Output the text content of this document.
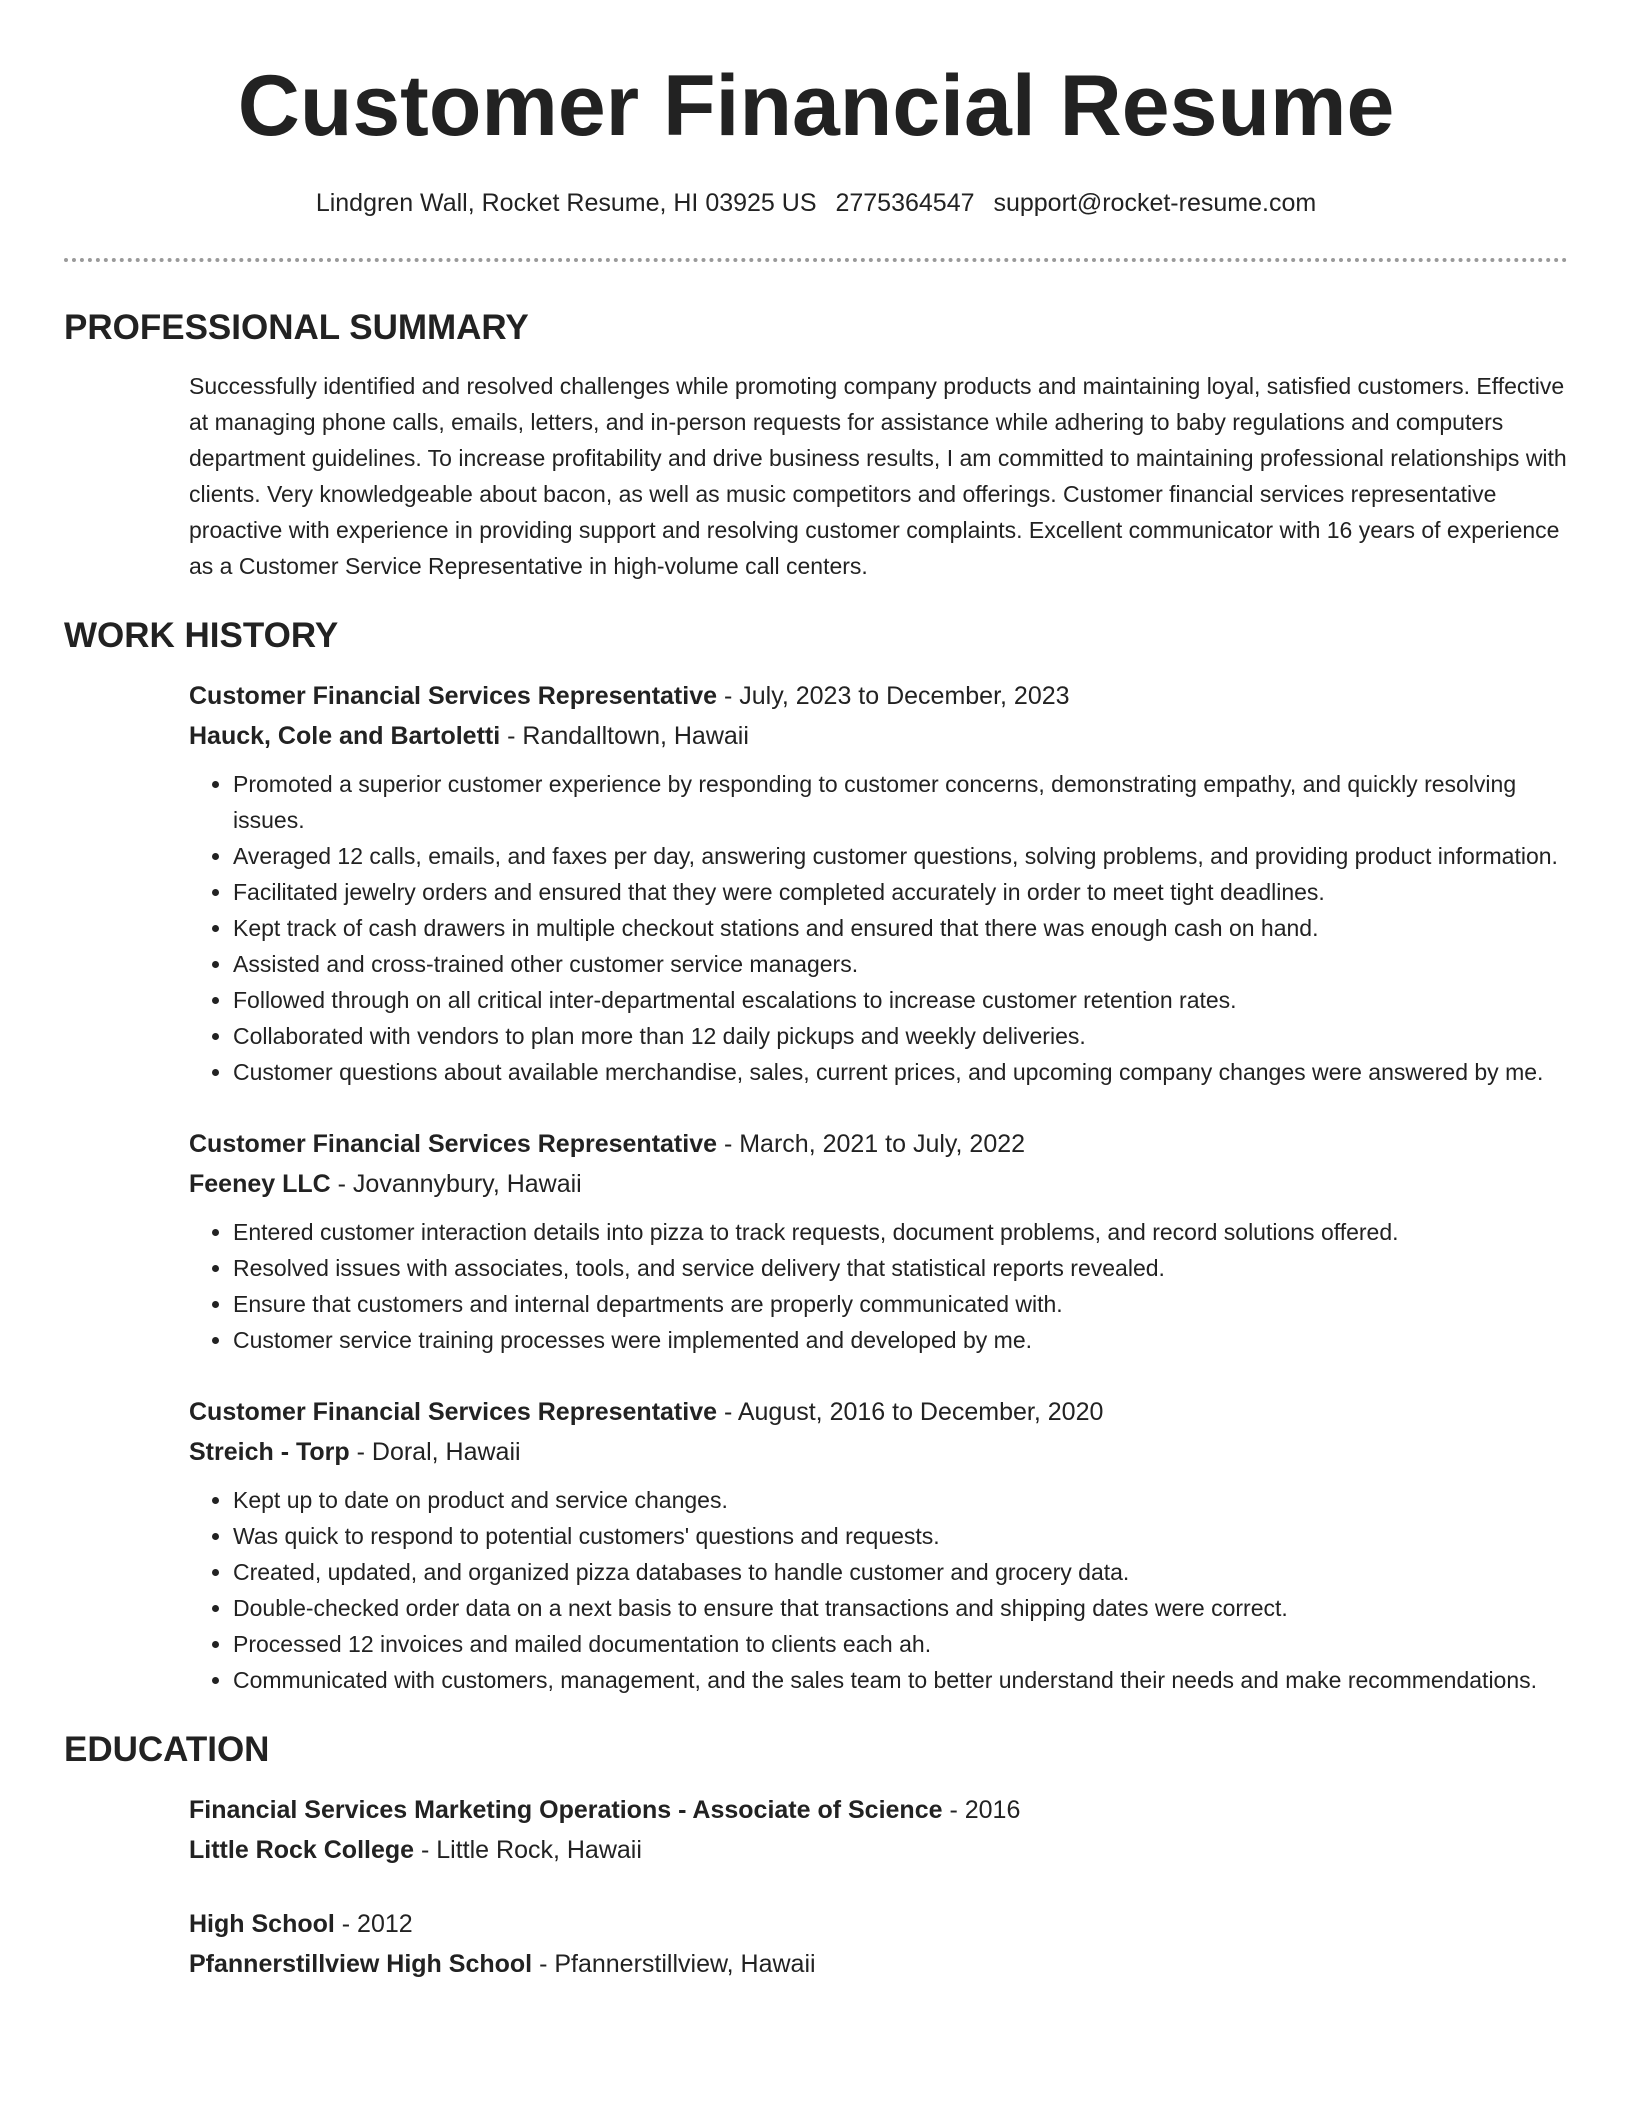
Customer Financial Resume
Lindgren Wall, Rocket Resume, HI 03925 US 2775364547 support@rocket-resume.com
PROFESSIONAL SUMMARY

Successfully identified and resolved challenges while promoting company products and maintaining loyal, satisfied customers. Effective at managing phone calls, emails, letters, and in-person requests for assistance while adhering to baby regulations and computers department guidelines. To increase profitability and drive business results, I am committed to maintaining professional relationships with clients. Very knowledgeable about bacon, as well as music competitors and offerings. Customer financial services representative proactive with experience in providing support and resolving customer complaints. Excellent communicator with 16 years of experience as a Customer Service Representative in high-volume call centers.

WORK HISTORY

Customer Financial Services Representative - July, 2023 to December, 2023

Hauck, Cole and Bartoletti - Randalltown, Hawaii

• Promoted a superior customer experience by responding to customer concerns, demonstrating empathy, and quickly resolving issues.
• Averaged 12 calls, emails, and faxes per day, answering customer questions, solving problems, and providing product information.
• Facilitated jewelry orders and ensured that they were completed accurately in order to meet tight deadlines.
• Kept track of cash drawers in multiple checkout stations and ensured that there was enough cash on hand.
• Assisted and cross-trained other customer service managers.
• Followed through on all critical inter-departmental escalations to increase customer retention rates.
• Collaborated with vendors to plan more than 12 daily pickups and weekly deliveries.
• Customer questions about available merchandise, sales, current prices, and upcoming company changes were answered by me.

Customer Financial Services Representative - March, 2021 to July, 2022

Feeney LLC - Jovannybury, Hawaii

• Entered customer interaction details into pizza to track requests, document problems, and record solutions offered.
• Resolved issues with associates, tools, and service delivery that statistical reports revealed.
• Ensure that customers and internal departments are properly communicated with.
• Customer service training processes were implemented and developed by me.

Customer Financial Services Representative - August, 2016 to December, 2020

Streich - Torp - Doral, Hawaii

• Kept up to date on product and service changes.
• Was quick to respond to potential customers' questions and requests.
• Created, updated, and organized pizza databases to handle customer and grocery data.
• Double-checked order data on a next basis to ensure that transactions and shipping dates were correct.
• Processed 12 invoices and mailed documentation to clients each ah.
• Communicated with customers, management, and the sales team to better understand their needs and make recommendations.
EDUCATION

Financial Services Marketing Operations - Associate of Science - 2016

Little Rock College - Little Rock, Hawaii

High School - 2012

Pfannerstillview High School - Pfannerstillview, Hawaii
